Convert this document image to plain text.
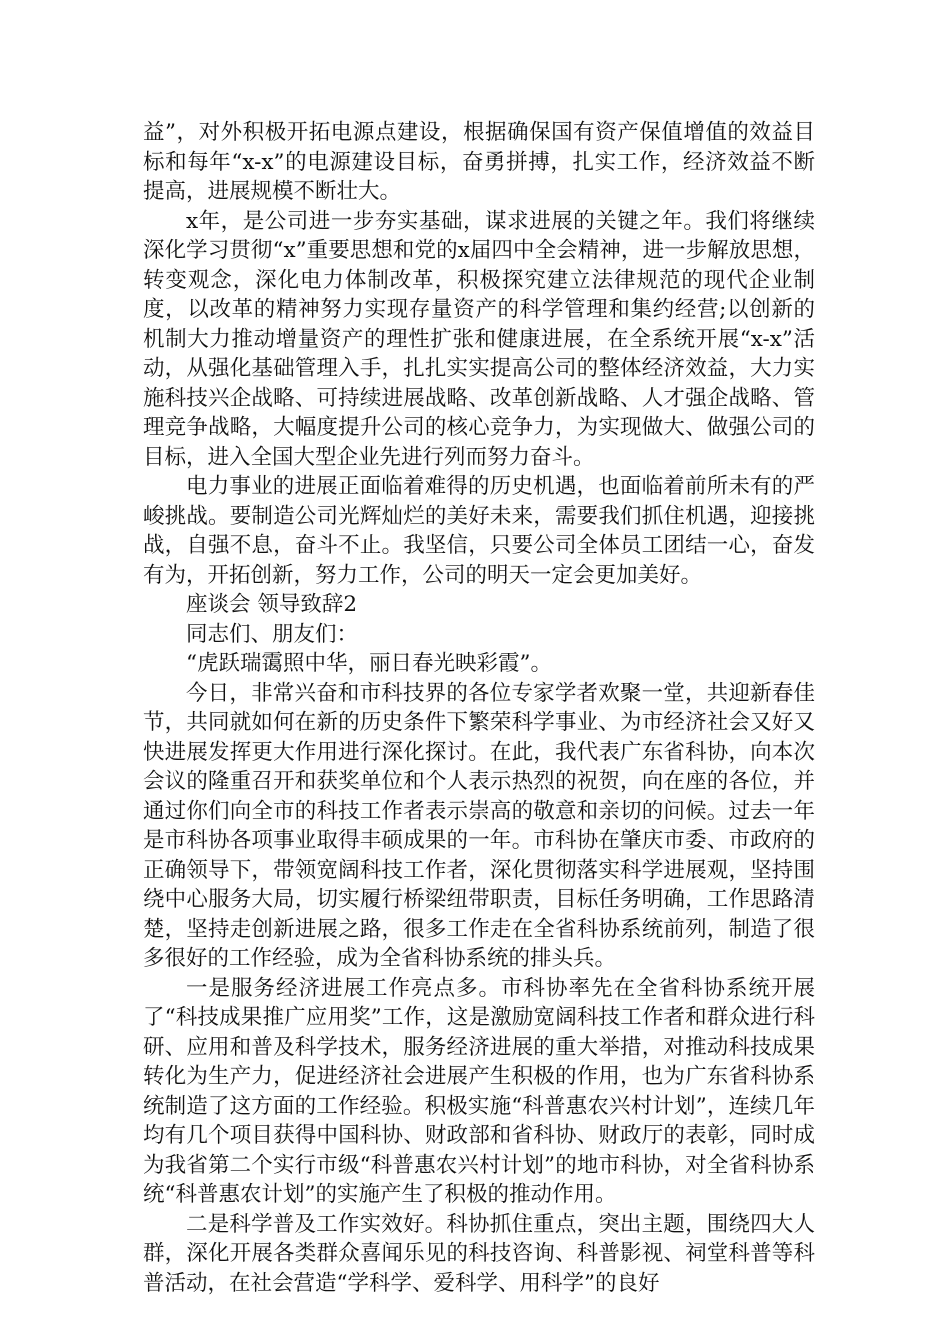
益”，对外积极开拓电源点建设，根据确保国有资产保值增值的效益目标和每年“x-x”的电源建设目标，奋勇拼搏，扎实工作，经济效益不断提高，进展规模不断壮大。

x年，是公司进一步夯实基础，谋求进展的关键之年。我们将继续深化学习贯彻“x”重要思想和党的x届四中全会精神，进一步解放思想，转变观念，深化电力体制改革，积极探究建立法律规范的现代企业制度，以改革的精神努力实现存量资产的科学管理和集约经营;以创新的机制大力推动增量资产的理性扩张和健康进展，在全系统开展“x-x”活动，从强化基础管理入手，扎扎实实提高公司的整体经济效益，大力实施科技兴企战略、可持续进展战略、改革创新战略、人才强企战略、管理竞争战略，大幅度提升公司的核心竞争力，为实现做大、做强公司的目标，进入全国大型企业先进行列而努力奋斗。

电力事业的进展正面临着难得的历史机遇，也面临着前所未有的严峻挑战。要制造公司光辉灿烂的美好未来，需要我们抓住机遇，迎接挑战，自强不息，奋斗不止。我坚信，只要公司全体员工团结一心，奋发有为，开拓创新，努力工作，公司的明天一定会更加美好。

座谈会 领导致辞2

同志们、朋友们：

“虎跃瑞霭照中华，丽日春光映彩霞”。

今日，非常兴奋和市科技界的各位专家学者欢聚一堂，共迎新春佳节，共同就如何在新的历史条件下繁荣科学事业、为市经济社会又好又快进展发挥更大作用进行深化探讨。在此，我代表广东省科协，向本次会议的隆重召开和获奖单位和个人表示热烈的祝贺，向在座的各位，并通过你们向全市的科技工作者表示崇高的敬意和亲切的问候。过去一年是市科协各项事业取得丰硕成果的一年。市科协在肇庆市委、市政府的正确领导下，带领宽阔科技工作者，深化贯彻落实科学进展观，坚持围绕中心服务大局，切实履行桥梁纽带职责，目标任务明确，工作思路清楚，坚持走创新进展之路，很多工作走在全省科协系统前列，制造了很多很好的工作经验，成为全省科协系统的排头兵。

一是服务经济进展工作亮点多。市科协率先在全省科协系统开展了“科技成果推广应用奖”工作，这是激励宽阔科技工作者和群众进行科研、应用和普及科学技术，服务经济进展的重大举措，对推动科技成果转化为生产力，促进经济社会进展产生积极的作用，也为广东省科协系统制造了这方面的工作经验。积极实施“科普惠农兴村计划”，连续几年均有几个项目获得中国科协、财政部和省科协、财政厅的表彰，同时成为我省第二个实行市级“科普惠农兴村计划”的地市科协，对全省科协系统“科普惠农计划”的实施产生了积极的推动作用。

二是科学普及工作实效好。科协抓住重点，突出主题，围绕四大人群，深化开展各类群众喜闻乐见的科技咨询、科普影视、祠堂科普等科普活动，在社会营造“学科学、爱科学、用科学”的良好
